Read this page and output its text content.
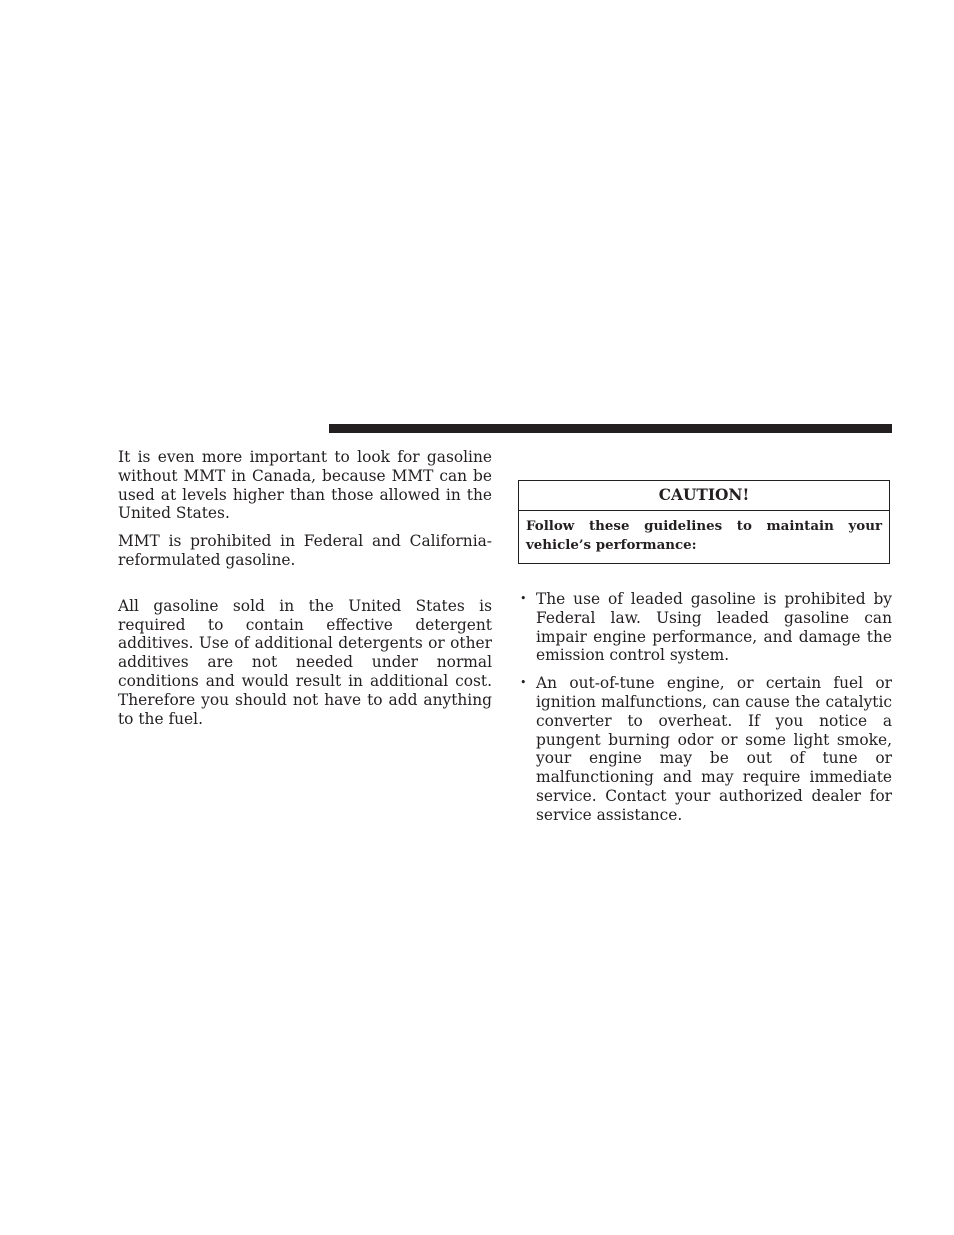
It is even more important to look for gasoline without MMT in Canada, because MMT can be used at levels higher than those allowed in the United States.

MMT is prohibited in Federal and California-reformulated gasoline.

All gasoline sold in the United States is required to contain effective detergent additives. Use of additional detergents or other additives are not needed under normal conditions and would result in additional cost. Therefore you should not have to add anything to the fuel.

CAUTION!
Follow these guidelines to maintain your vehicle’s performance:
• The use of leaded gasoline is prohibited by Federal law. Using leaded gasoline can impair engine performance, and damage the emission control system.
• An out-of-tune engine, or certain fuel or ignition malfunctions, can cause the catalytic converter to overheat. If you notice a pungent burning odor or some light smoke, your engine may be out of tune or malfunctioning and may require immediate service. Contact your authorized dealer for service assistance.
